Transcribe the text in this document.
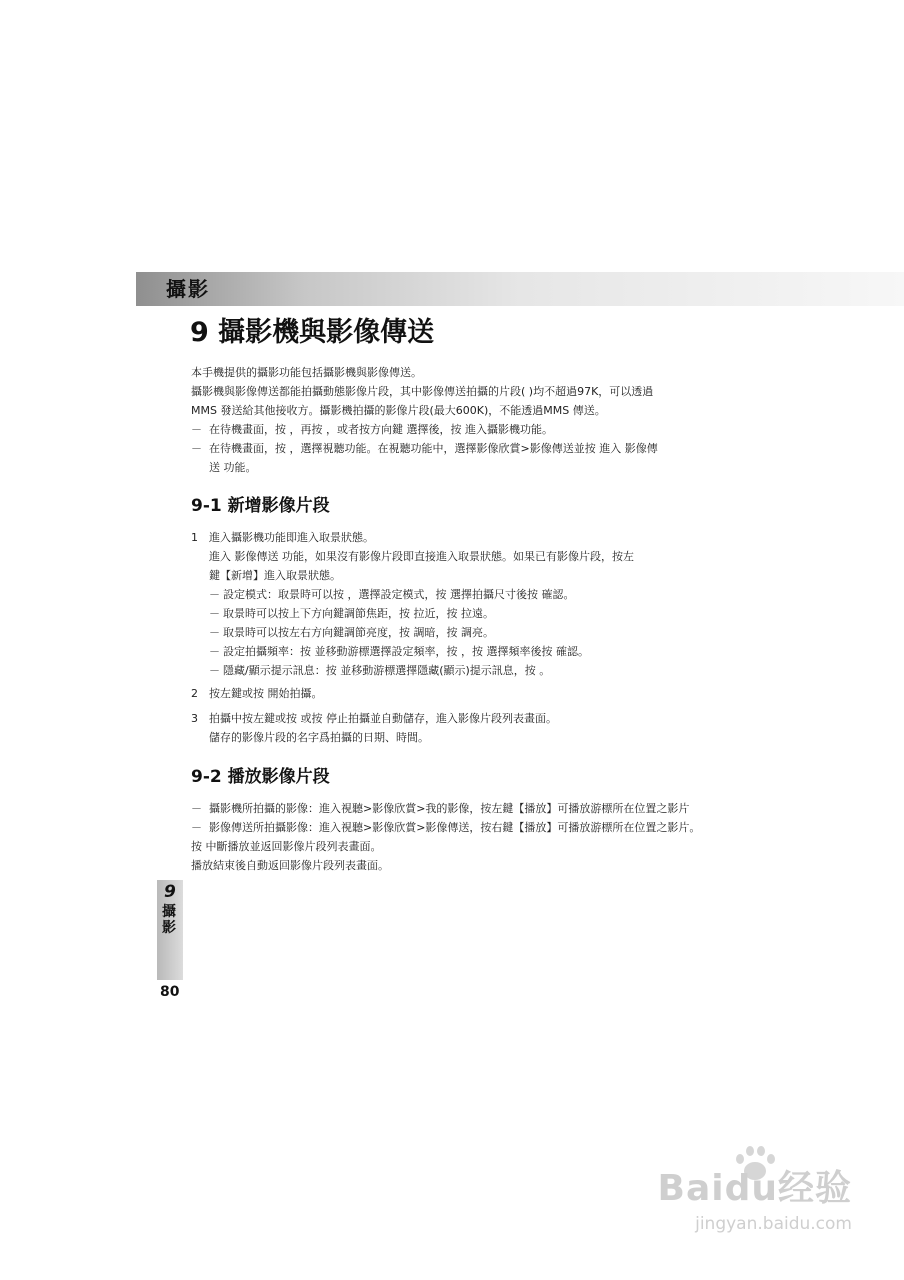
攝影
9 攝影機與影像傳送
本手機提供的攝影功能包括攝影機與影像傳送。
攝影機與影像傳送都能拍攝動態影像片段，其中影像傳送拍攝的片段( )均不超過97K，可以透過
MMS 發送給其他接收方。攝影機拍攝的影像片段(最大600K)，不能透過MMS 傳送。
－ 在待機畫面，按 ，再按 ，或者按方向鍵 選擇後，按 進入攝影機功能。
－ 在待機畫面，按 ，選擇視聽功能。在視聽功能中，選擇影像欣賞>影像傳送並按 進入 影像傳
送 功能。
9-1 新增影像片段
1 進入攝影機功能即進入取景狀態。
進入 影像傳送 功能，如果沒有影像片段即直接進入取景狀態。如果已有影像片段，按左
鍵【新增】進入取景狀態。
－ 設定模式：取景時可以按 ，選擇設定模式，按 選擇拍攝尺寸後按 確認。
－ 取景時可以按上下方向鍵調節焦距，按 拉近，按 拉遠。
－ 取景時可以按左右方向鍵調節亮度，按 調暗，按 調亮。
－ 設定拍攝頻率：按 並移動游標選擇設定頻率，按 ，按 選擇頻率後按 確認。
－ 隱藏/顯示提示訊息：按 並移動游標選擇隱藏(顯示)提示訊息，按 。
2 按左鍵或按 開始拍攝。
3 拍攝中按左鍵或按 或按 停止拍攝並自動儲存，進入影像片段列表畫面。
儲存的影像片段的名字爲拍攝的日期、時間。
9-2 播放影像片段
－ 攝影機所拍攝的影像：進入視聽>影像欣賞>我的影像，按左鍵【播放】可播放游標所在位置之影片
－ 影像傳送所拍攝影像：進入視聽>影像欣賞>影像傳送，按右鍵【播放】可播放游標所在位置之影片。
按 中斷播放並返回影像片段列表畫面。
播放結束後自動返回影像片段列表畫面。
9
攝影
80
Baidu经验
jingyan.baidu.com
